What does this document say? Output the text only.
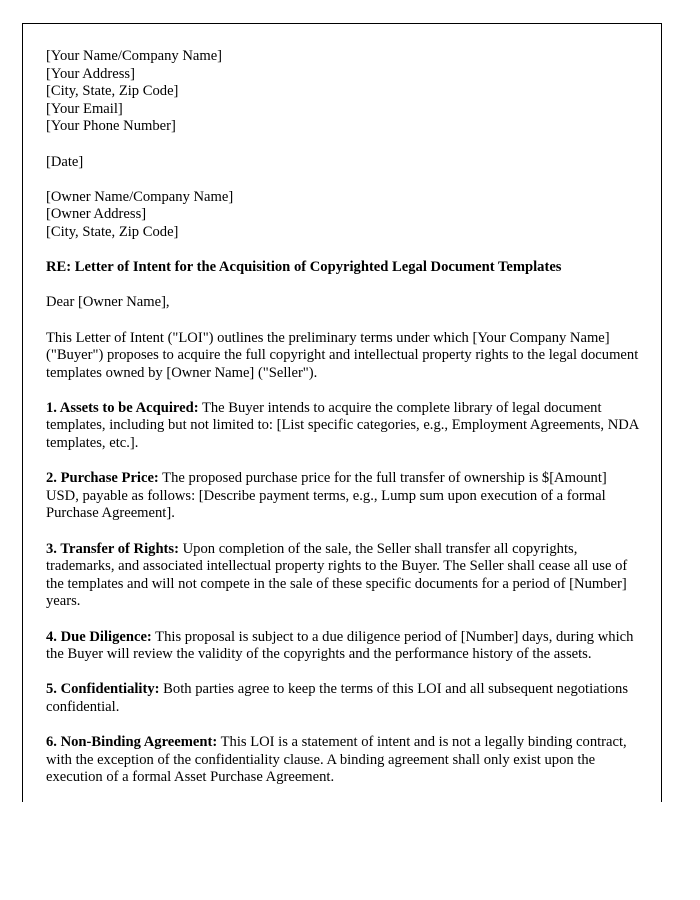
[Your Name/Company Name]
[Your Address]
[City, State, Zip Code]
[Your Email]
[Your Phone Number]
[Date]
[Owner Name/Company Name]
[Owner Address]
[City, State, Zip Code]
RE: Letter of Intent for the Acquisition of Copyrighted Legal Document Templates

Dear [Owner Name],

This Letter of Intent ("LOI") outlines the preliminary terms under which [Your Company Name] ("Buyer") proposes to acquire the full copyright and intellectual property rights to the legal document templates owned by [Owner Name] ("Seller").

1. Assets to be Acquired: The Buyer intends to acquire the complete library of legal document templates, including but not limited to: [List specific categories, e.g., Employment Agreements, NDA templates, etc.].

2. Purchase Price: The proposed purchase price for the full transfer of ownership is $[Amount] USD, payable as follows: [Describe payment terms, e.g., Lump sum upon execution of a formal Purchase Agreement].

3. Transfer of Rights: Upon completion of the sale, the Seller shall transfer all copyrights, trademarks, and associated intellectual property rights to the Buyer. The Seller shall cease all use of the templates and will not compete in the sale of these specific documents for a period of [Number] years.

4. Due Diligence: This proposal is subject to a due diligence period of [Number] days, during which the Buyer will review the validity of the copyrights and the performance history of the assets.

5. Confidentiality: Both parties agree to keep the terms of this LOI and all subsequent negotiations confidential.

6. Non-Binding Agreement: This LOI is a statement of intent and is not a legally binding contract, with the exception of the confidentiality clause. A binding agreement shall only exist upon the execution of a formal Asset Purchase Agreement.
